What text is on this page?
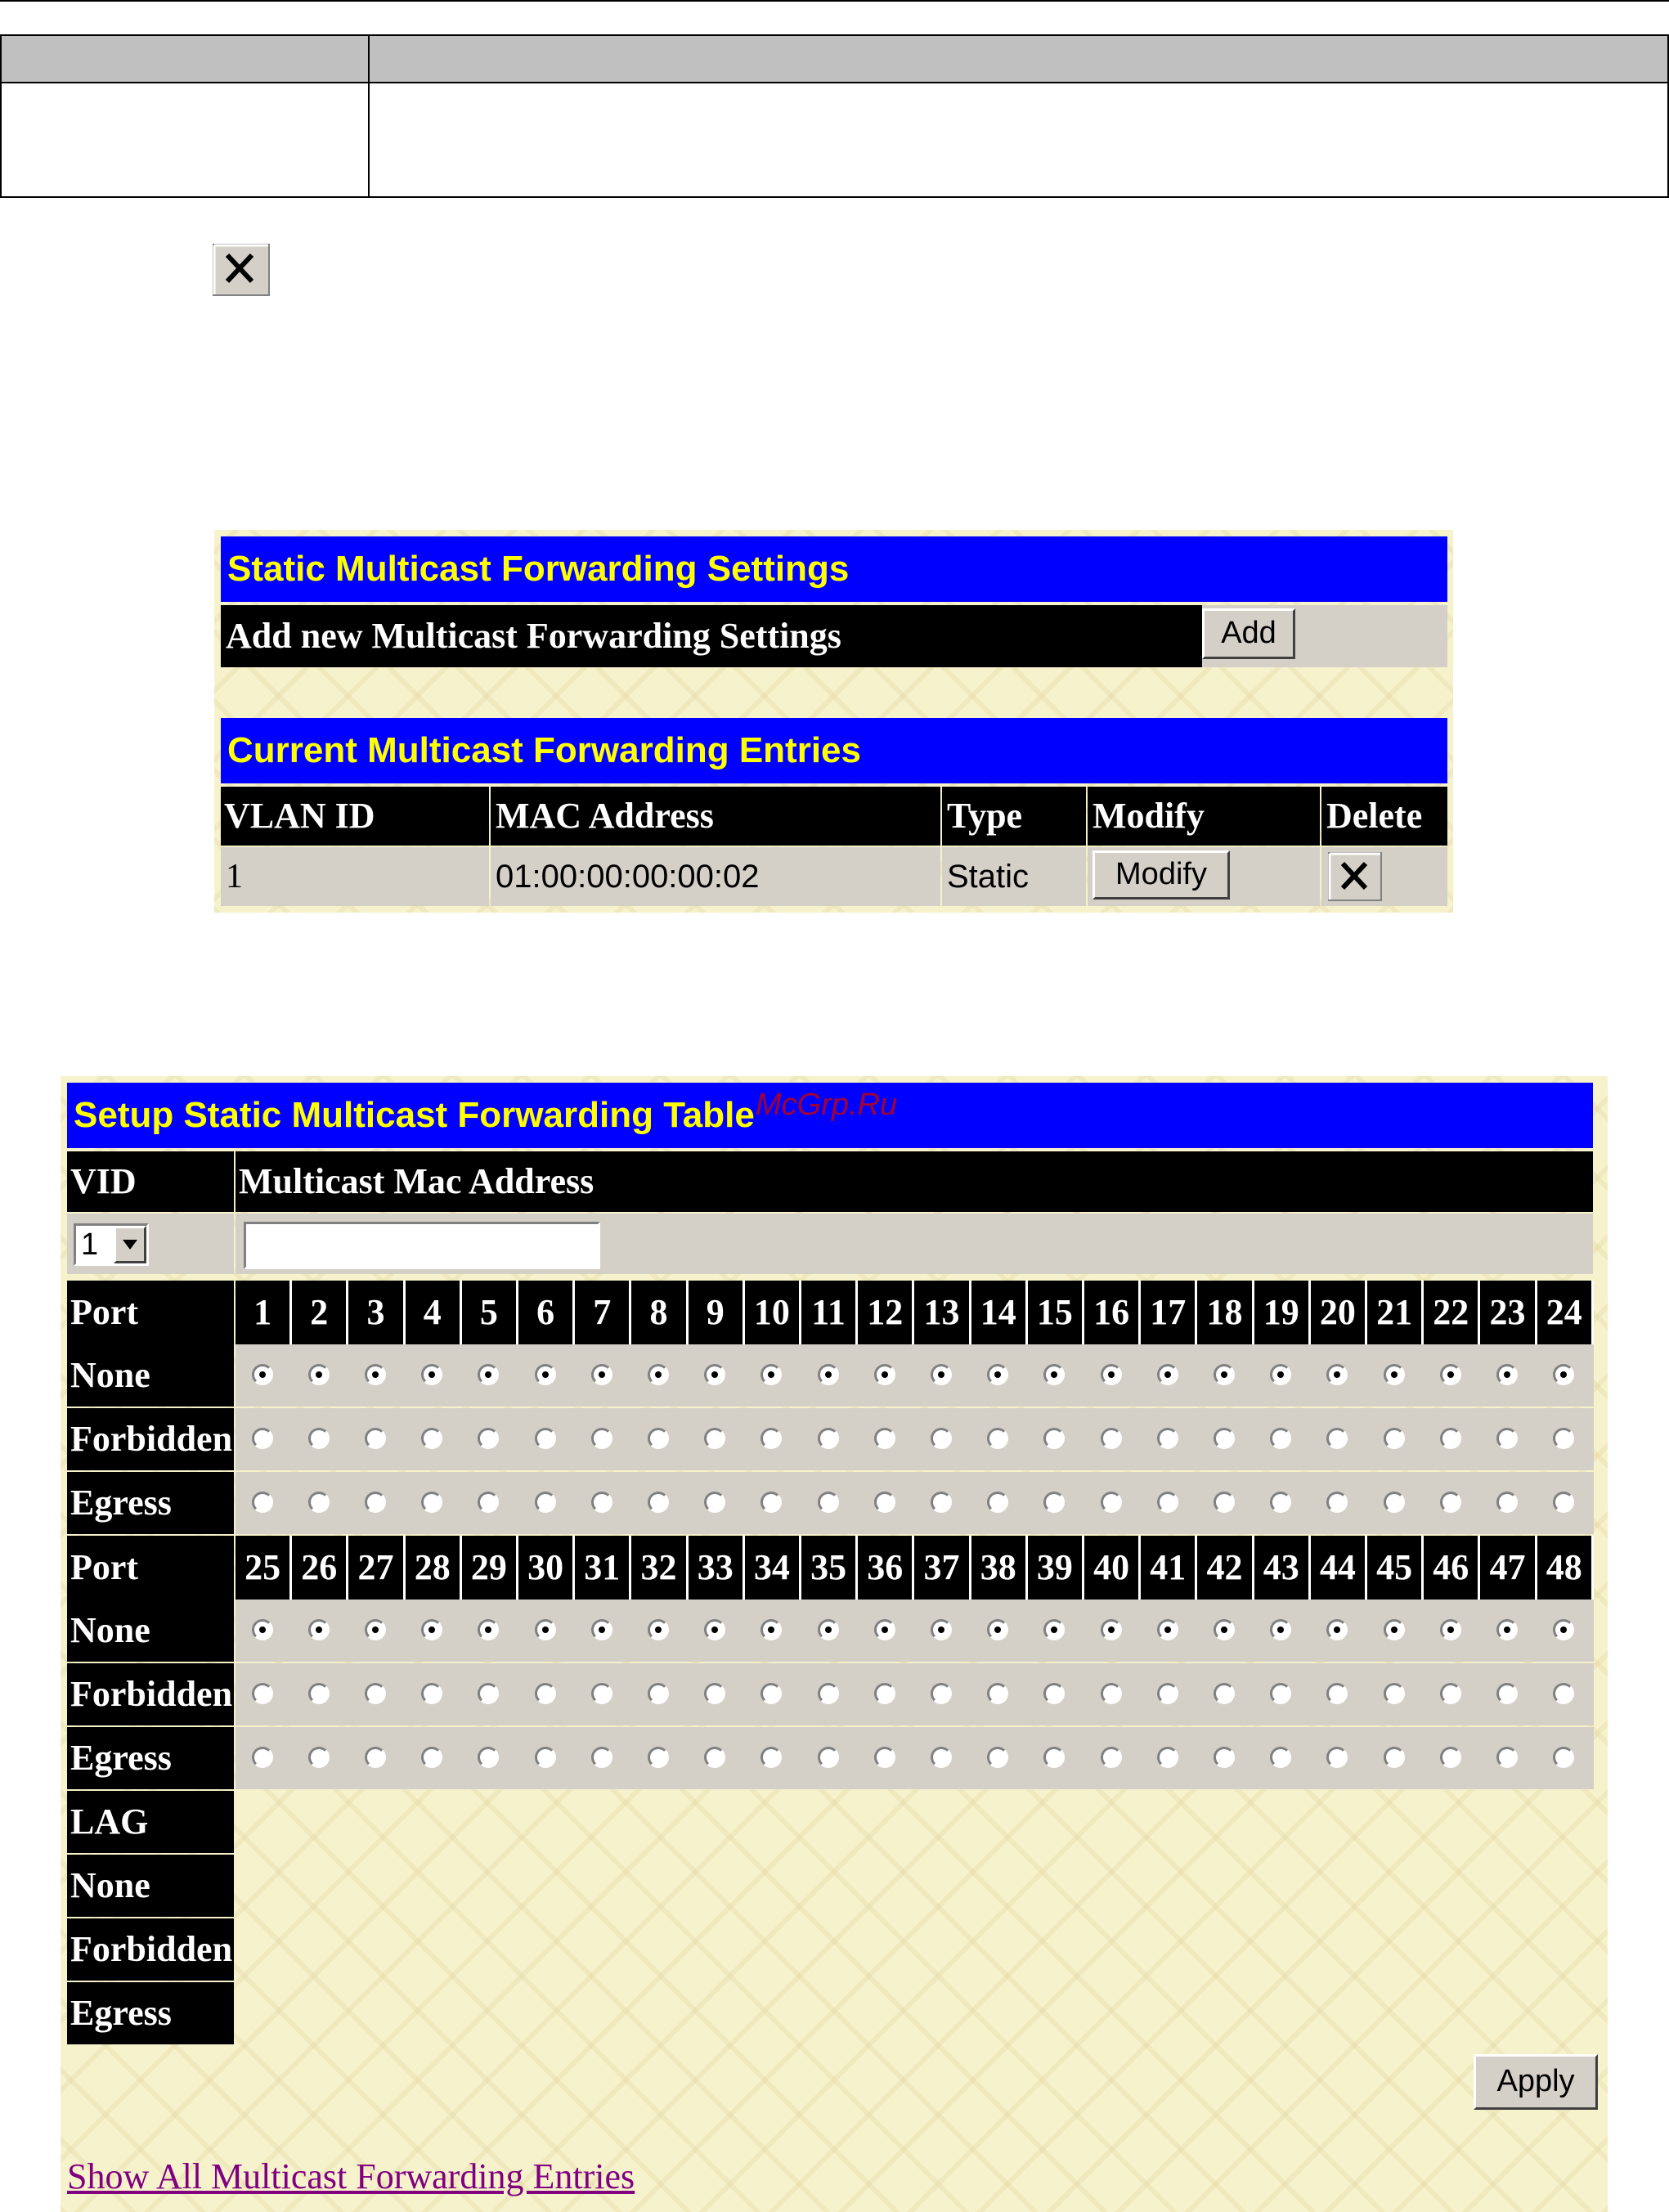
Static Multicast Forwarding Settings
Add new Multicast Forwarding Settings	Add
Current Multicast Forwarding Entries
VLAN ID	MAC Address	Type	Modify	Delete
1	01:00:00:00:00:02	Static	Modify
Setup Static Multicast Forwarding Table McGrp.Ru
VID	Multicast Mac Address
1
Apply
Show All Multicast Forwarding Entries
Port	1	2	3	4	5	6	7	8	9 10 11 12 13 14 15 16 17 18 19 20 21 22 23 24
None
Forbidden
Egress
Port	25 26 27 28 29 30 31 32 33 34 35 36 37 38 39 40 41 42 43 44 45 46 47 48
None
Forbidden
Egress
LAG
None
Forbidden
Egress
